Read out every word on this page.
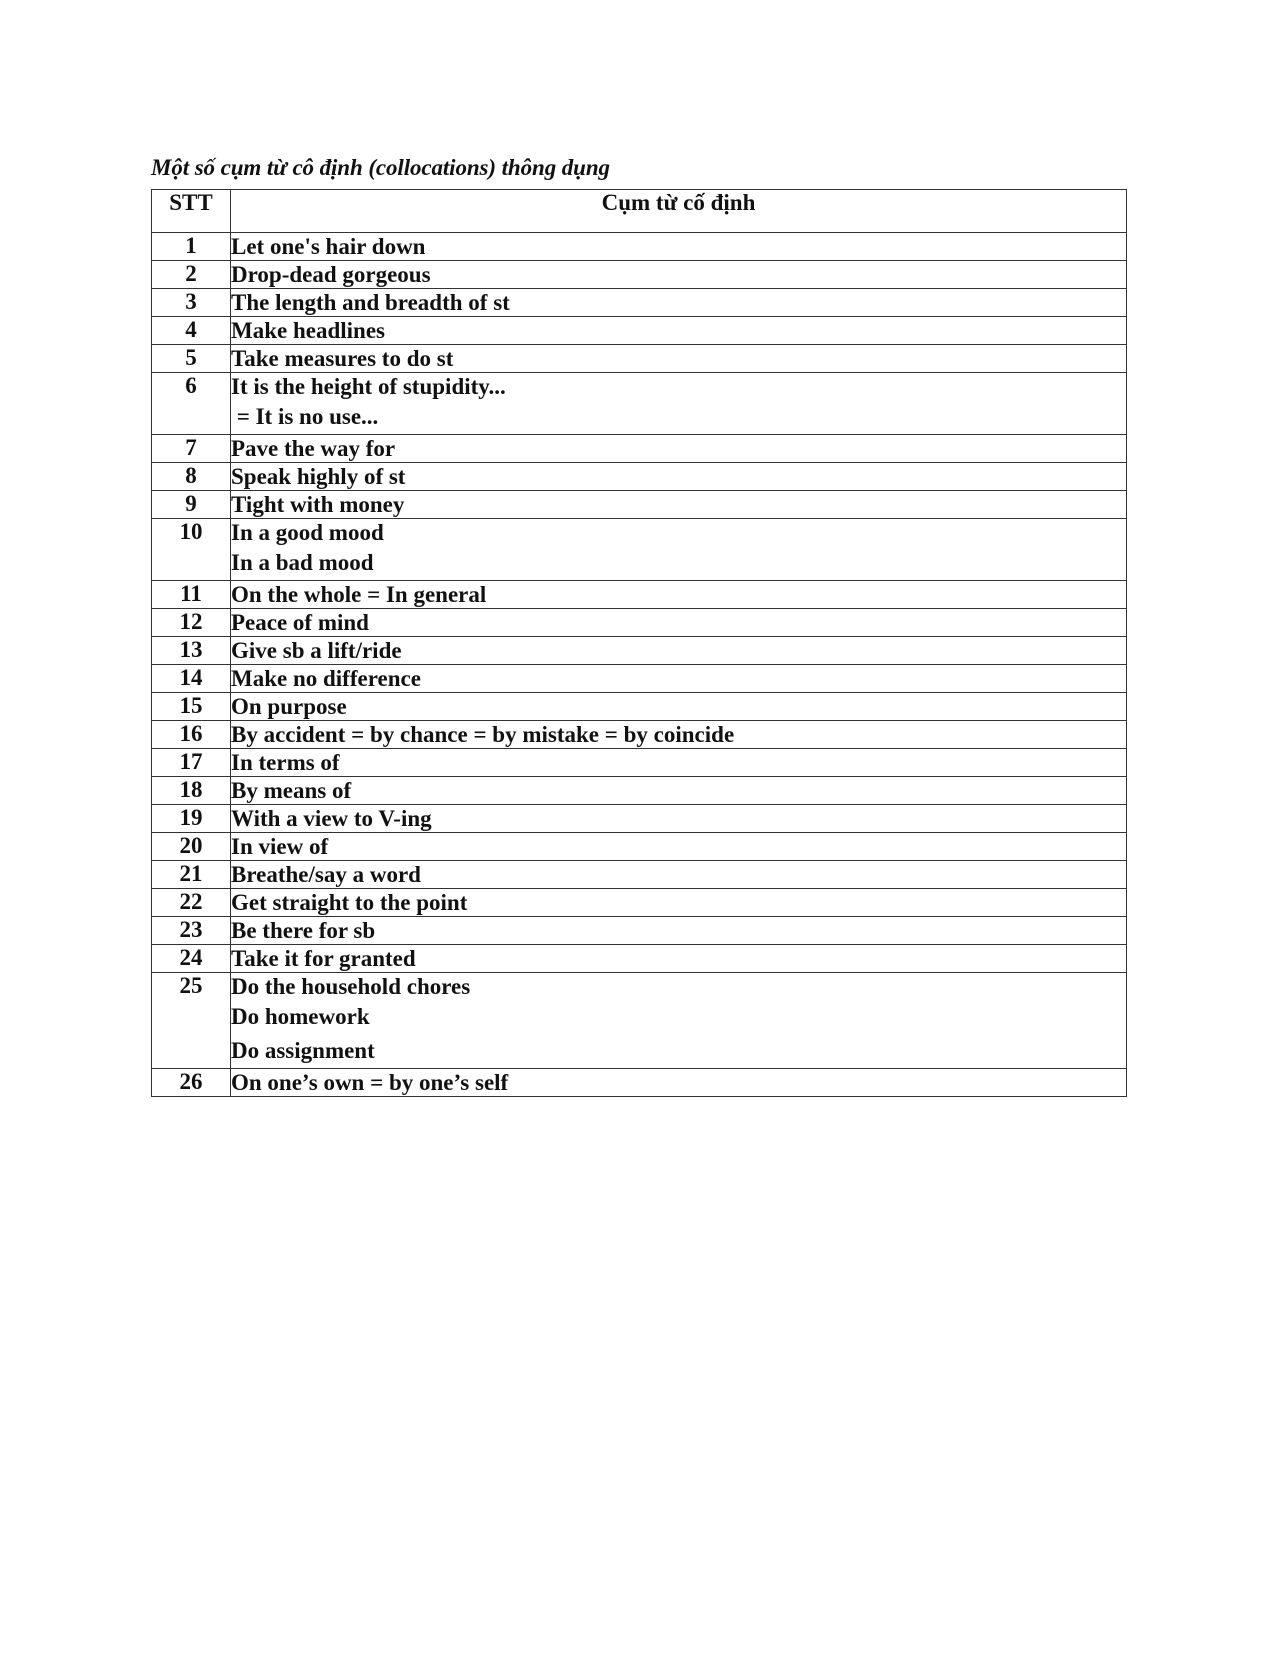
Một số cụm từ cô định (collocations) thông dụng
STT	Cụm từ cố định
1	Let one's hair down

2	Drop-dead gorgeous

3	The length and breadth of st

4	Make headlines

5	Take measures to do st

6	It is the height of stupidity...
= It is no use...

7	Pave the way for

8	Speak highly of st

9	Tight with money

10	In a good mood
In a bad mood

11	On the whole = In general

12	Peace of mind

13	Give sb a lift/ride

14	Make no difference

15	On purpose

16	By accident = by chance = by mistake = by coincide

17	In terms of

18	By means of

19	With a view to V-ing

20	In view of

21	Breathe/say a word

22	Get straight to the point

23	Be there for sb

24	Take it for granted

25	Do the household chores
Do homework
Do assignment

26	On one’s own = by one’s self
